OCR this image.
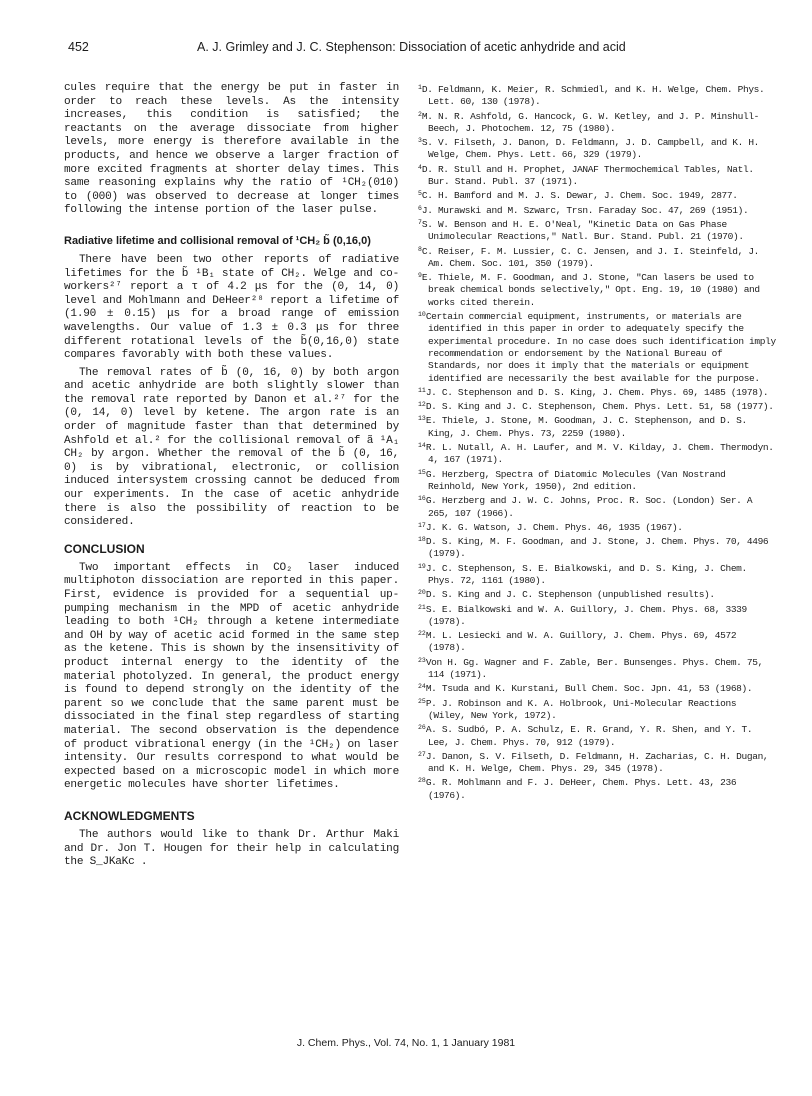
452	A. J. Grimley and J. C. Stephenson: Dissociation of acetic anhydride and acid

cules require that the energy be put in faster in order to reach these levels. As the intensity increases, this condition is satisfied; the reactants on the average dissociate from higher levels, more energy is therefore available in the products, and hence we observe a larger fraction of more excited fragments at shorter delay times. This same reasoning explains why the ratio of ¹CH₂(010) to (000) was observed to decrease at longer times following the intense portion of the laser pulse.

Radiative lifetime and collisional removal of ¹CH₂ b̃ (0,16,0)

There have been two other reports of radiative lifetimes for the b̃ ¹B₁ state of CH₂. Welge and co-workers²⁷ report a τ of 4.2 μs for the (0, 14, 0) level and Mohlmann and DeHeer²⁸ report a lifetime of (1.90 ± 0.15) μs for a broad range of emission wavelengths. Our value of 1.3 ± 0.3 μs for three different rotational levels of the b̃(0,16,0) state compares favorably with both these values.

The removal rates of b̃ (0, 16, 0) by both argon and acetic anhydride are both slightly slower than the removal rate reported by Danon et al.²⁷ for the (0, 14, 0) level by ketene. The argon rate is an order of magnitude faster than that determined by Ashfold et al.² for the collisional removal of ã ¹A₁ CH₂ by argon. Whether the removal of the b̃ (0, 16, 0) is by vibrational, electronic, or collision induced intersystem crossing cannot be deduced from our experiments. In the case of acetic anhydride there is also the possibility of reaction to be considered.

CONCLUSION

Two important effects in CO₂ laser induced multiphoton dissociation are reported in this paper. First, evidence is provided for a sequential up-pumping mechanism in the MPD of acetic anhydride leading to both ¹CH₂ through a ketene intermediate and OH by way of acetic acid formed in the same step as the ketene. This is shown by the insensitivity of product internal energy to the identity of the material photolyzed. In general, the product energy is found to depend strongly on the identity of the parent so we conclude that the same parent must be dissociated in the final step regardless of starting material. The second observation is the dependence of product vibrational energy (in the ¹CH₂) on laser intensity. Our results correspond to what would be expected based on a microscopic model in which more energetic molecules have shorter lifetimes.

ACKNOWLEDGMENTS

The authors would like to thank Dr. Arthur Maki and Dr. Jon T. Hougen for their help in calculating the S_JKaKc .

$^1$D. Feldmann, K. Meier, R. Schmiedl, and K. H. Welge, Chem. Phys. Lett. 60, 130 (1978).

$^2$M. N. R. Ashfold, G. Hancock, G. W. Ketley, and J. P. Minshull-Beech, J. Photochem. 12, 75 (1980).

$^3$S. V. Filseth, J. Danon, D. Feldmann, J. D. Campbell, and K. H. Welge, Chem. Phys. Lett. 66, 329 (1979).

$^4$D. R. Stull and H. Prophet, JANAF Thermochemical Tables, Natl. Bur. Stand. Publ. 37 (1971).

$^5$C. H. Bamford and M. J. S. Dewar, J. Chem. Soc. 1949, 2877.

$^6$J. Murawski and M. Szwarc, Trsn. Faraday Soc. 47, 269 (1951).

$^7$S. W. Benson and H. E. O'Neal, "Kinetic Data on Gas Phase Unimolecular Reactions," Natl. Bur. Stand. Publ. 21 (1970).

$^8$C. Reiser, F. M. Lussier, C. C. Jensen, and J. I. Steinfeld, J. Am. Chem. Soc. 101, 350 (1979).

$^9$E. Thiele, M. F. Goodman, and J. Stone, "Can lasers be used to break chemical bonds selectively," Opt. Eng. 19, 10 (1980) and works cited therein.

$^{10}$Certain commercial equipment, instruments, or materials are identified in this paper in order to adequately specify the experimental procedure. In no case does such identification imply recommendation or endorsement by the National Bureau of Standards, nor does it imply that the materials or equipment identified are necessarily the best available for the purpose.

$^{11}$J. C. Stephenson and D. S. King, J. Chem. Phys. 69, 1485 (1978).

$^{12}$D. S. King and J. C. Stephenson, Chem. Phys. Lett. 51, 58 (1977).

$^{13}$E. Thiele, J. Stone, M. Goodman, J. C. Stephenson, and D. S. King, J. Chem. Phys. 73, 2259 (1980).

$^{14}$R. L. Nutall, A. H. Laufer, and M. V. Kilday, J. Chem. Thermodyn. 4, 167 (1971).

$^{15}$G. Herzberg, Spectra of Diatomic Molecules (Van Nostrand Reinhold, New York, 1950), 2nd edition.

$^{16}$G. Herzberg and J. W. C. Johns, Proc. R. Soc. (London) Ser. A 265, 107 (1966).

$^{17}$J. K. G. Watson, J. Chem. Phys. 46, 1935 (1967).

$^{18}$D. S. King, M. F. Goodman, and J. Stone, J. Chem. Phys. 70, 4496 (1979).

$^{19}$J. C. Stephenson, S. E. Bialkowski, and D. S. King, J. Chem. Phys. 72, 1161 (1980).

$^{20}$D. S. King and J. C. Stephenson (unpublished results).

$^{21}$S. E. Bialkowski and W. A. Guillory, J. Chem. Phys. 68, 3339 (1978).

$^{22}$M. L. Lesiecki and W. A. Guillory, J. Chem. Phys. 69, 4572 (1978).

$^{23}$Von H. Gg. Wagner and F. Zable, Ber. Bunsenges. Phys. Chem. 75, 114 (1971).

$^{24}$M. Tsuda and K. Kurstani, Bull Chem. Soc. Jpn. 41, 53 (1968).

$^{25}$P. J. Robinson and K. A. Holbrook, Uni-Molecular Reactions (Wiley, New York, 1972).

$^{26}$A. S. Sudbó, P. A. Schulz, E. R. Grand, Y. R. Shen, and Y. T. Lee, J. Chem. Phys. 70, 912 (1979).

$^{27}$J. Danon, S. V. Filseth, D. Feldmann, H. Zacharias, C. H. Dugan, and K. H. Welge, Chem. Phys. 29, 345 (1978).

$^{28}$G. R. Mohlmann and F. J. DeHeer, Chem. Phys. Lett. 43, 236 (1976).

J. Chem. Phys., Vol. 74, No. 1, 1 January 1981
